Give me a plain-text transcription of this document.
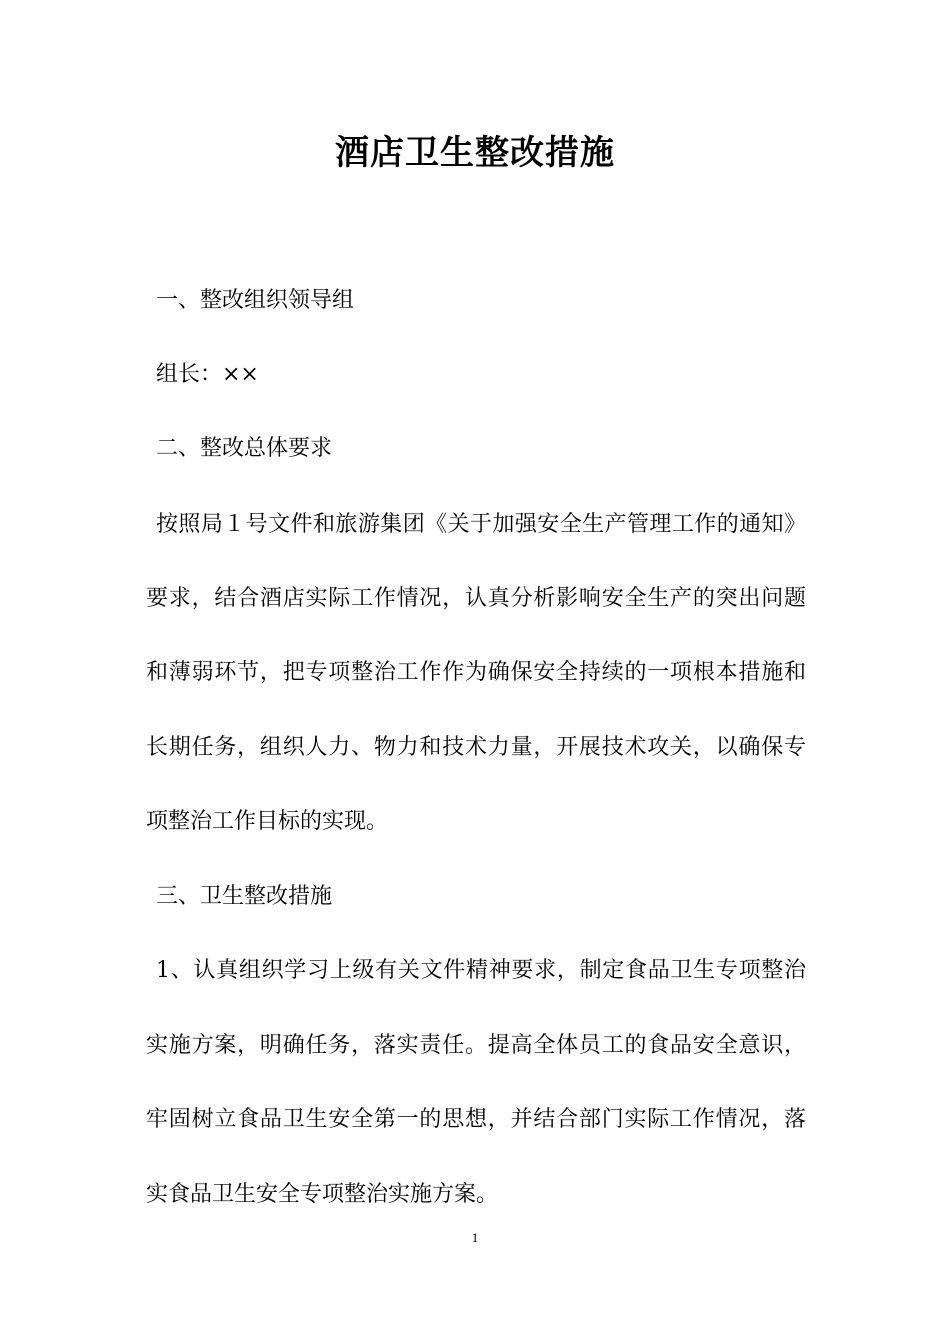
酒店卫生整改措施
一、整改组织领导组
组长：××
二、整改总体要求
按照局１号文件和旅游集团《关于加强安全生产管理工作的通知》
要求，结合酒店实际工作情况，认真分析影响安全生产的突出问题
和薄弱环节，把专项整治工作作为确保安全持续的一项根本措施和
长期任务，组织人力、物力和技术力量，开展技术攻关，以确保专
项整治工作目标的实现。
三、卫生整改措施
1、认真组织学习上级有关文件精神要求，制定食品卫生专项整治
实施方案，明确任务，落实责任。提高全体员工的食品安全意识，
牢固树立食品卫生安全第一的思想，并结合部门实际工作情况，落
实食品卫生安全专项整治实施方案。
1
